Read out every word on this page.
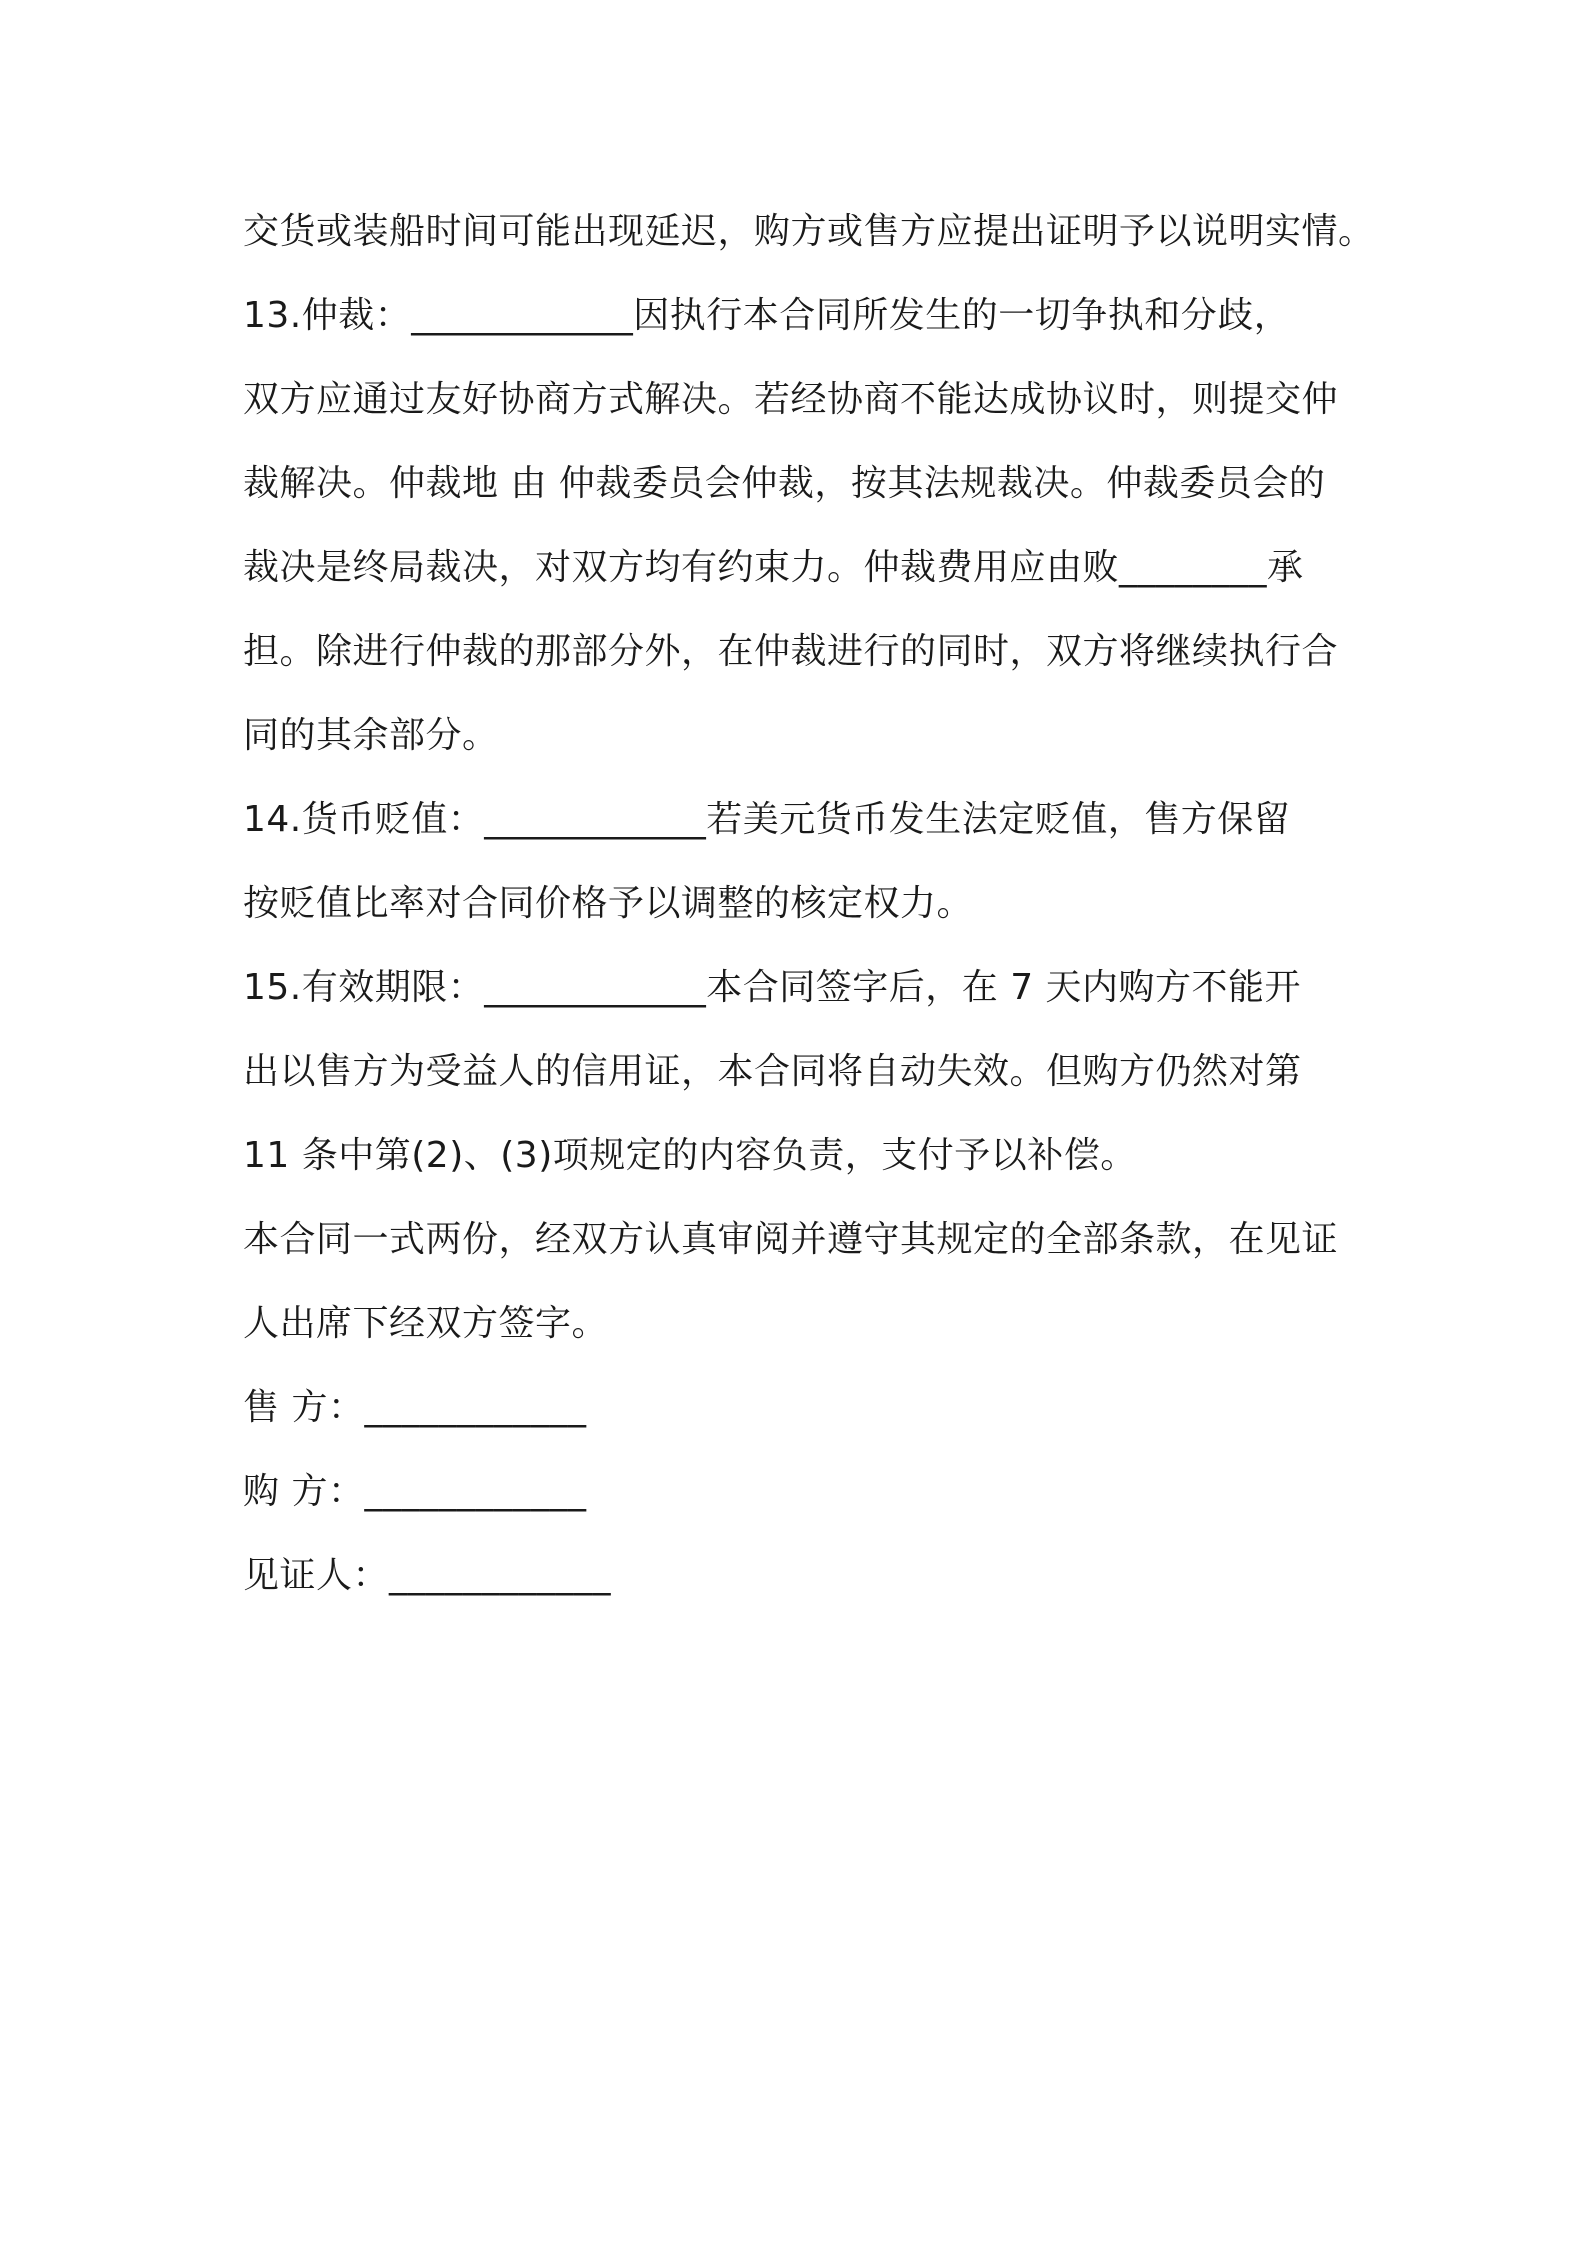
交货或装船时间可能出现延迟，购方或售方应提出证明予以说明实情。
13.仲裁：____________因执行本合同所发生的一切争执和分歧，
双方应通过友好协商方式解决。若经协商不能达成协议时，则提交仲
裁解决。仲裁地 由 仲裁委员会仲裁，按其法规裁决。仲裁委员会的
裁决是终局裁决，对双方均有约束力。仲裁费用应由败________承
担。除进行仲裁的那部分外，在仲裁进行的同时，双方将继续执行合
同的其余部分。
14.货币贬值：____________若美元货币发生法定贬值，售方保留
按贬值比率对合同价格予以调整的核定权力。
15.有效期限：____________本合同签字后，在 7 天内购方不能开
出以售方为受益人的信用证，本合同将自动失效。但购方仍然对第
11 条中第(2)、(3)项规定的内容负责，支付予以补偿。
本合同一式两份，经双方认真审阅并遵守其规定的全部条款，在见证
人出席下经双方签字。
售 方：____________
购 方：____________
见证人：____________
